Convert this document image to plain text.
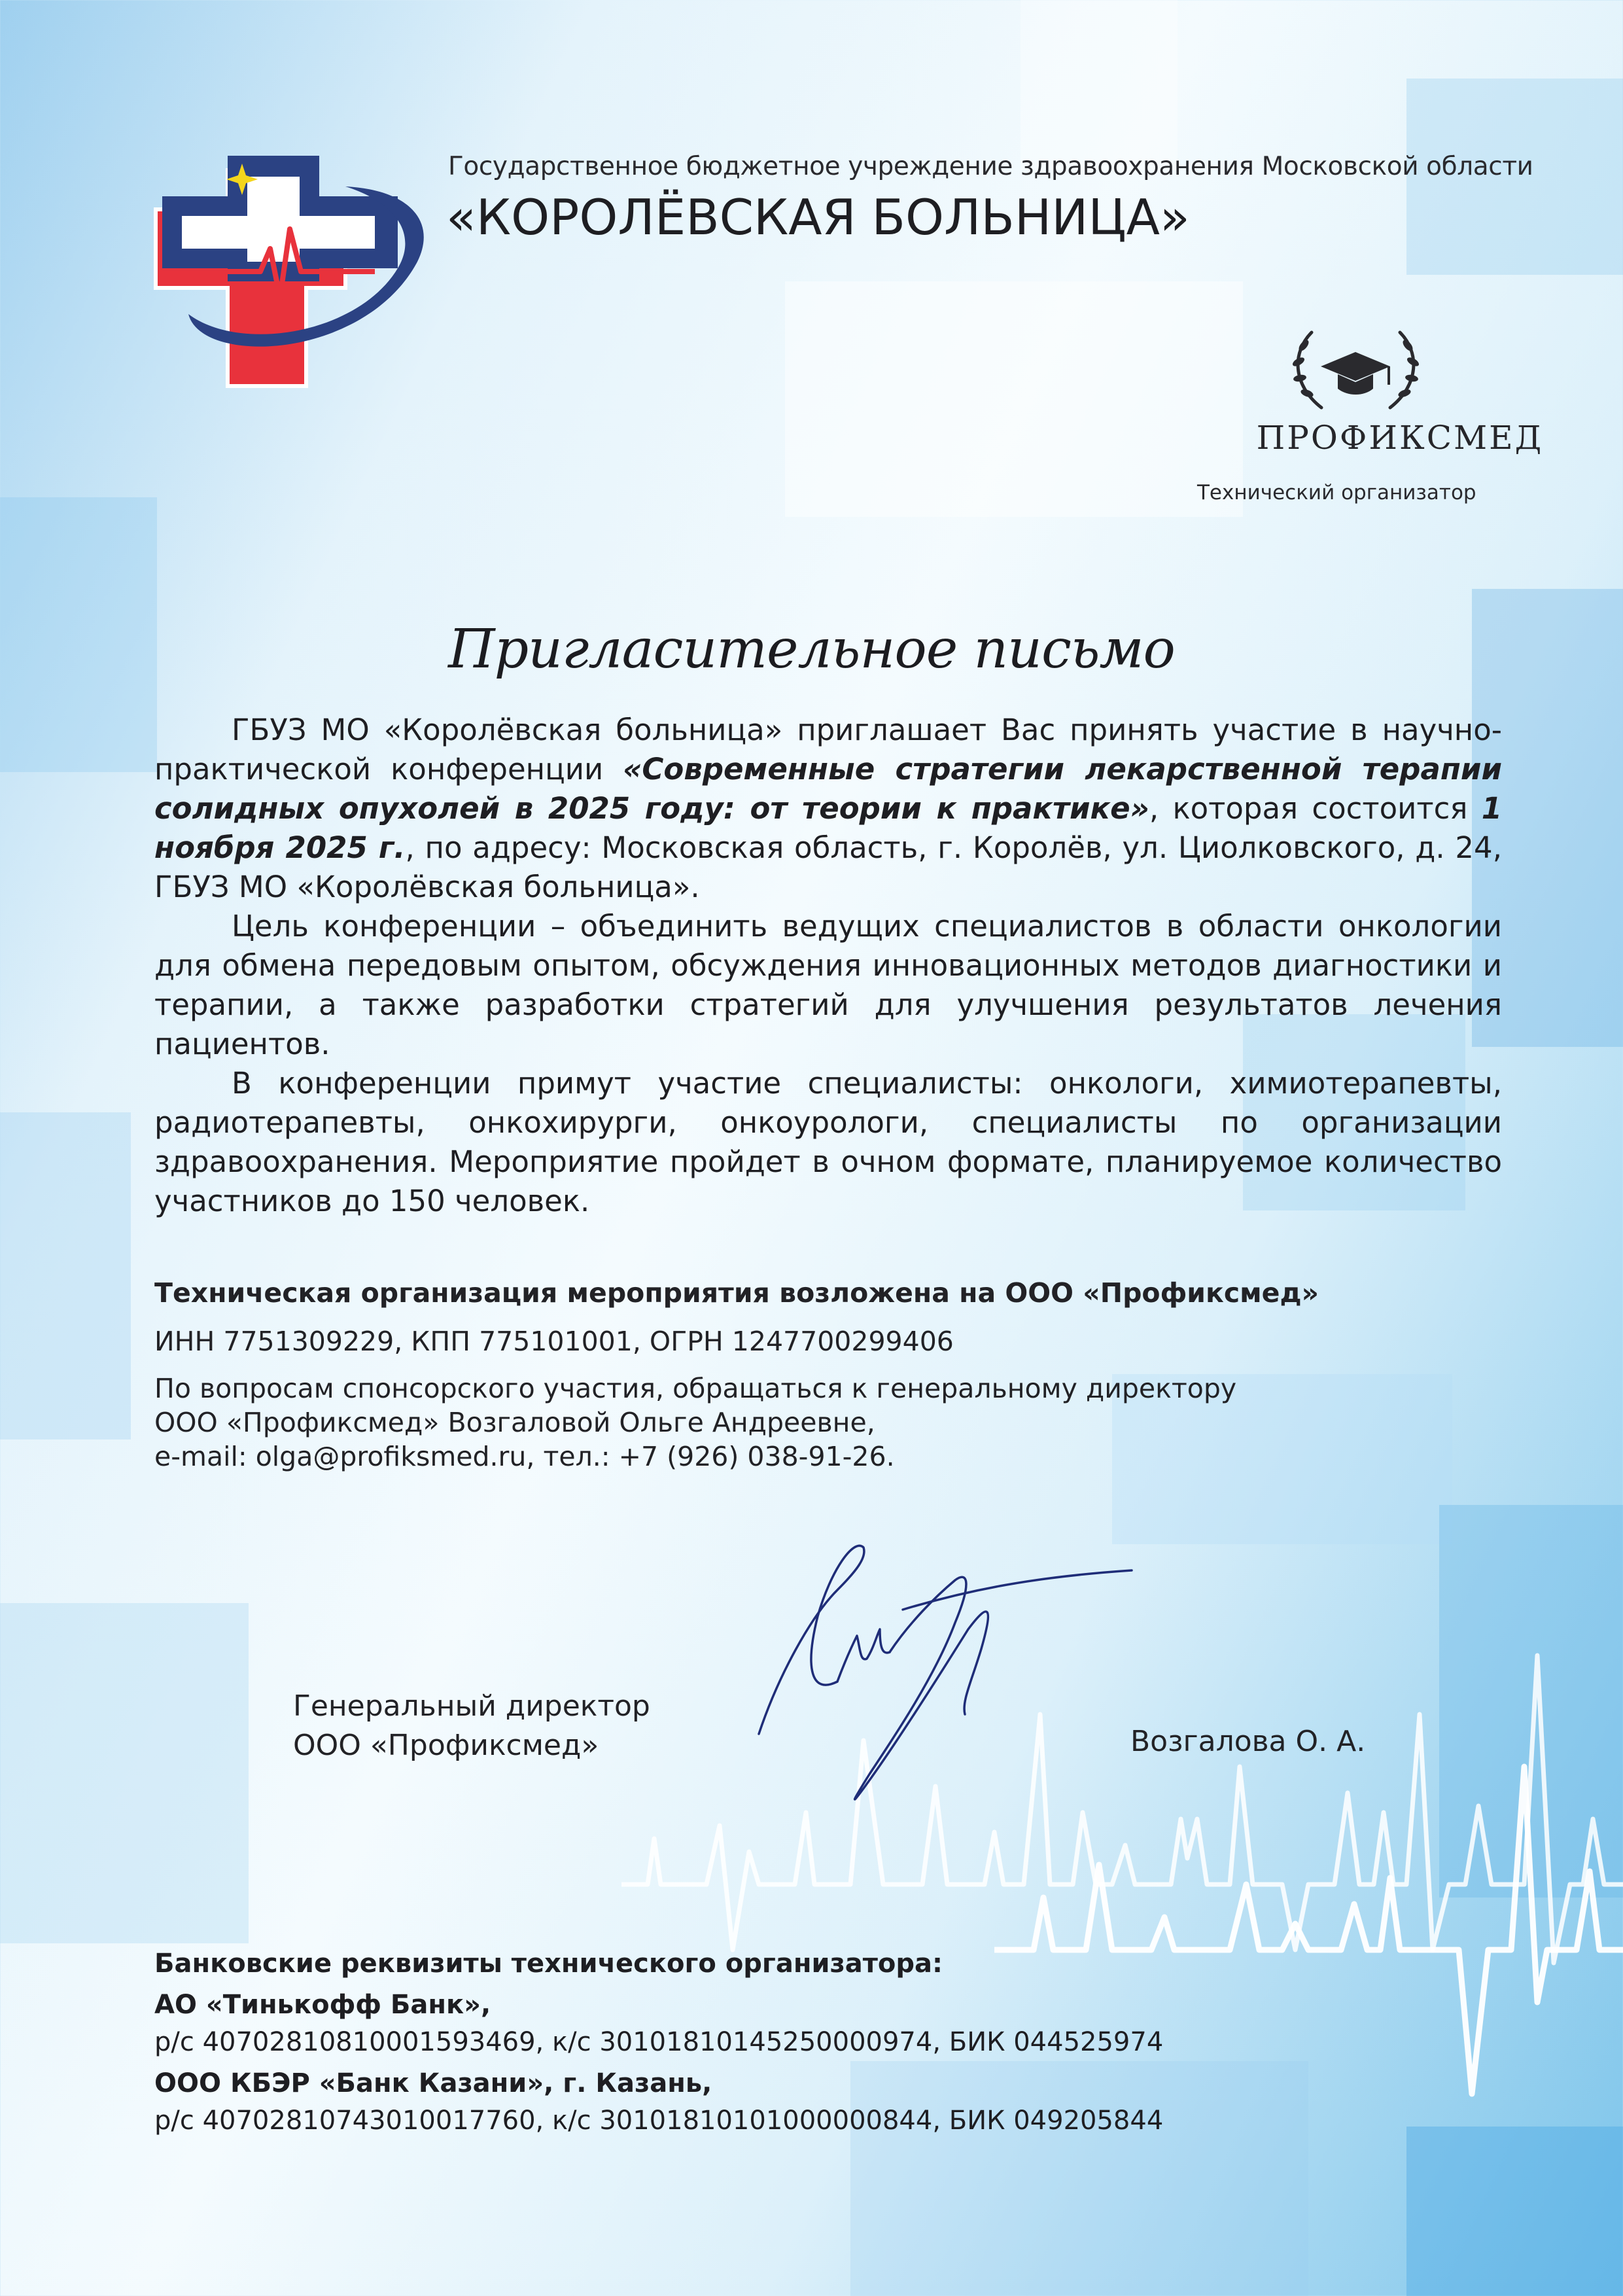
Государственное бюджетное учреждение здравоохранения Московской области
«КОРОЛЁВСКАЯ БОЛЬНИЦА»
ПРОФИКСМЕД
Технический организатор
Пригласительное письмо

ГБУЗ МО «Королёвская больница» приглашает Вас принять участие в научно-практической конференции «Современные стратегии лекарственной терапии солидных опухолей в 2025 году: от теории к практике», которая состоится 1 ноября 2025 г., по адресу: Московская область, г. Королёв, ул. Циолковского, д. 24, ГБУЗ МО «Королёвская больница».

Цель конференции – объединить ведущих специалистов в области онкологии для обмена передовым опытом, обсуждения инновационных методов диагностики и терапии, а также разработки стратегий для улучшения результатов лечения пациентов.

В конференции примут участие специалисты: онкологи, химиотерапевты, радиотерапевты, онкохирурги, онкоурологи, специалисты по организации здравоохранения. Мероприятие пройдет в очном формате, планируемое количество участников до 150 человек.

Техническая организация мероприятия возложена на ООО «Профиксмед»
ИНН 7751309229, КПП 775101001, ОГРН 1247700299406
По вопросам спонсорского участия, обращаться к генеральному директору
ООО «Профиксмед» Возгаловой Ольге Андреевне,
e-mail: olga@profiksmed.ru, тел.: +7 (926) 038-91-26.
Генеральный директор
ООО «Профиксмед»	Возгалова О. А.
Банковские реквизиты технического организатора:
АО «Тинькофф Банк»,
р/с 40702810810001593469, к/с 30101810145250000974, БИК 044525974
ООО КБЭР «Банк Казани», г. Казань,
р/с 40702810743010017760, к/с 30101810101000000844, БИК 049205844
